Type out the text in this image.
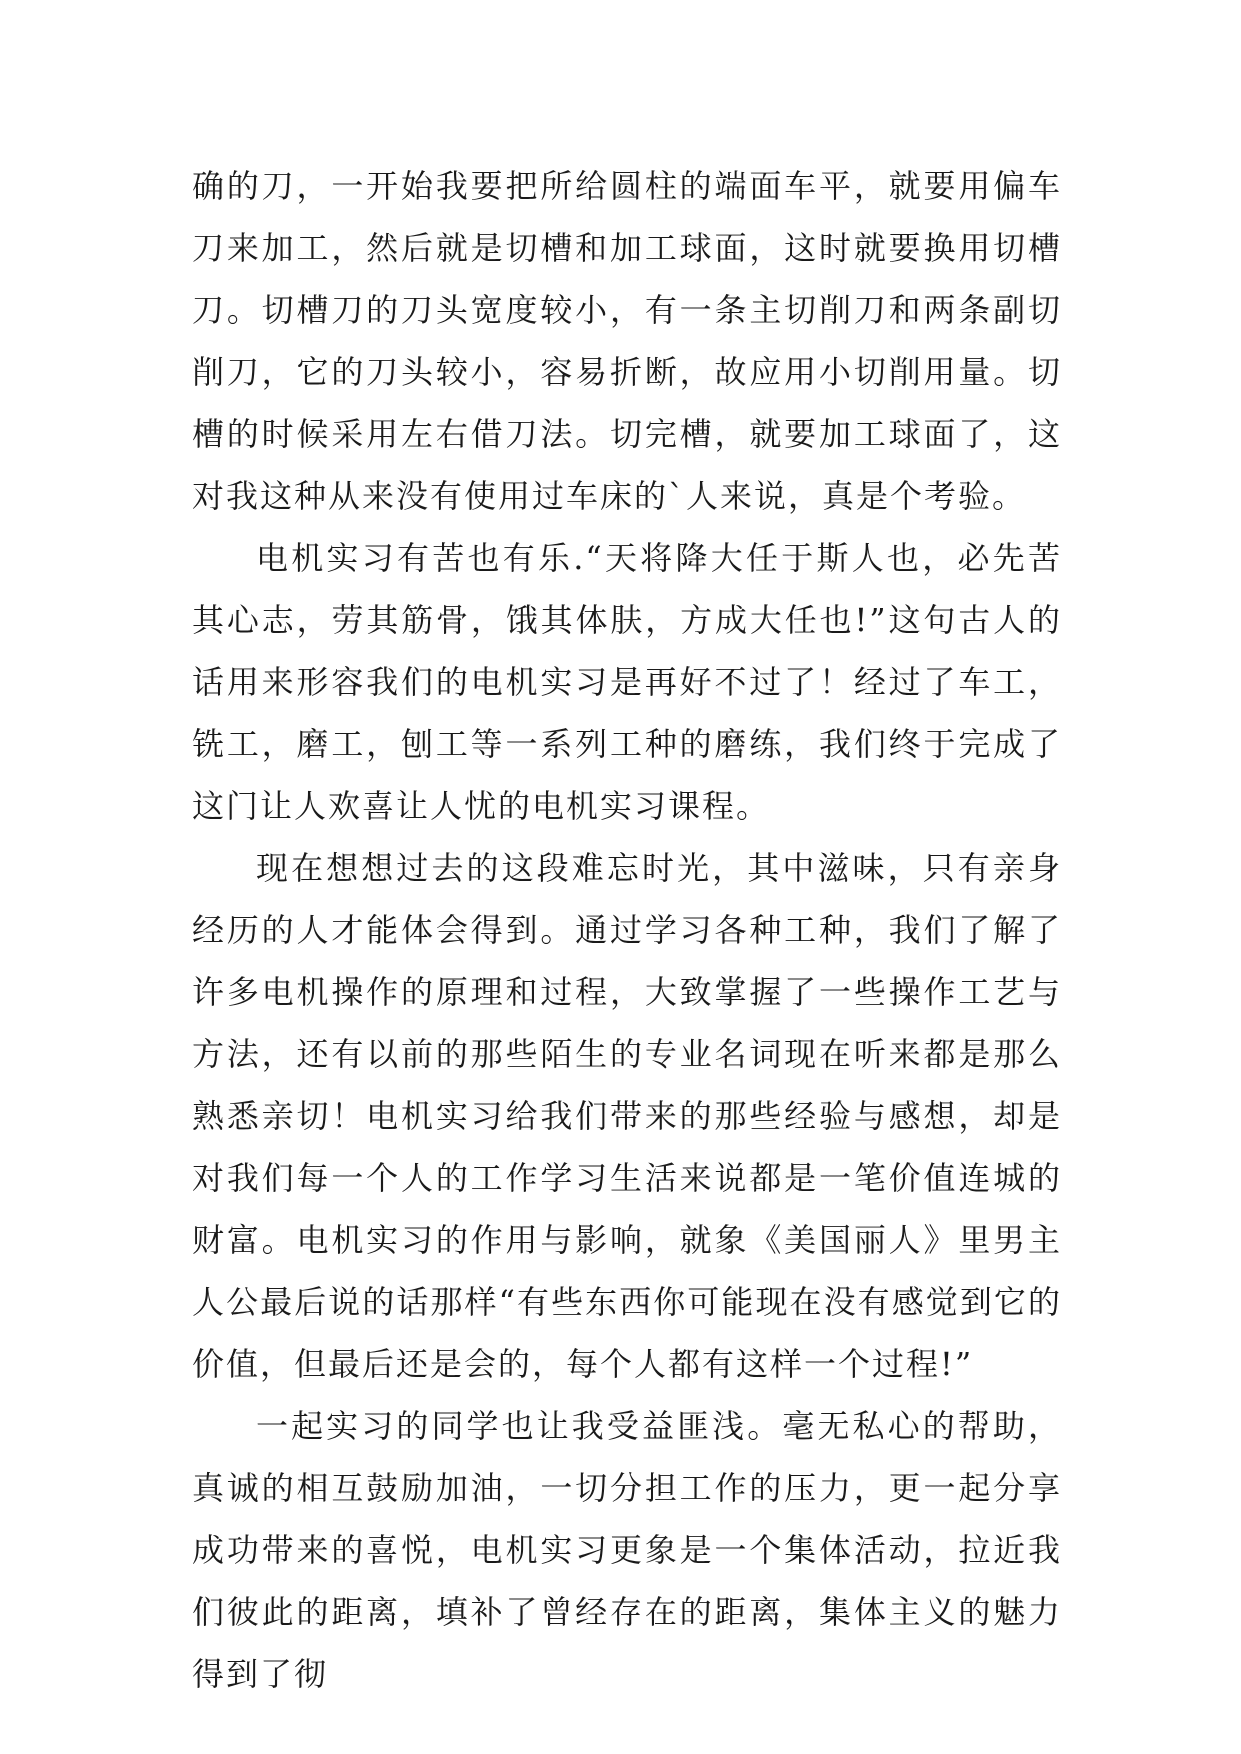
确的刀，一开始我要把所给圆柱的端面车平，就要用偏车刀来加工，然后就是切槽和加工球面，这时就要换用切槽刀。切槽刀的刀头宽度较小，有一条主切削刀和两条副切削刀，它的刀头较小，容易折断，故应用小切削用量。切槽的时候采用左右借刀法。切完槽，就要加工球面了，这对我这种从来没有使用过车床的`人来说，真是个考验。

电机实习有苦也有乐.“天将降大任于斯人也，必先苦其心志，劳其筋骨，饿其体肤，方成大任也!”这句古人的话用来形容我们的电机实习是再好不过了！经过了车工，铣工，磨工，刨工等一系列工种的磨练，我们终于完成了这门让人欢喜让人忧的电机实习课程。

现在想想过去的这段难忘时光，其中滋味，只有亲身经历的人才能体会得到。通过学习各种工种，我们了解了许多电机操作的原理和过程，大致掌握了一些操作工艺与方法，还有以前的那些陌生的专业名词现在听来都是那么熟悉亲切！电机实习给我们带来的那些经验与感想，却是对我们每一个人的工作学习生活来说都是一笔价值连城的财富。电机实习的作用与影响，就象《美国丽人》里男主人公最后说的话那样“有些东西你可能现在没有感觉到它的价值，但最后还是会的，每个人都有这样一个过程!”

一起实习的同学也让我受益匪浅。毫无私心的帮助，真诚的相互鼓励加油，一切分担工作的压力，更一起分享成功带来的喜悦，电机实习更象是一个集体活动，拉近我们彼此的距离，填补了曾经存在的距离，集体主义的魅力得到了彻
